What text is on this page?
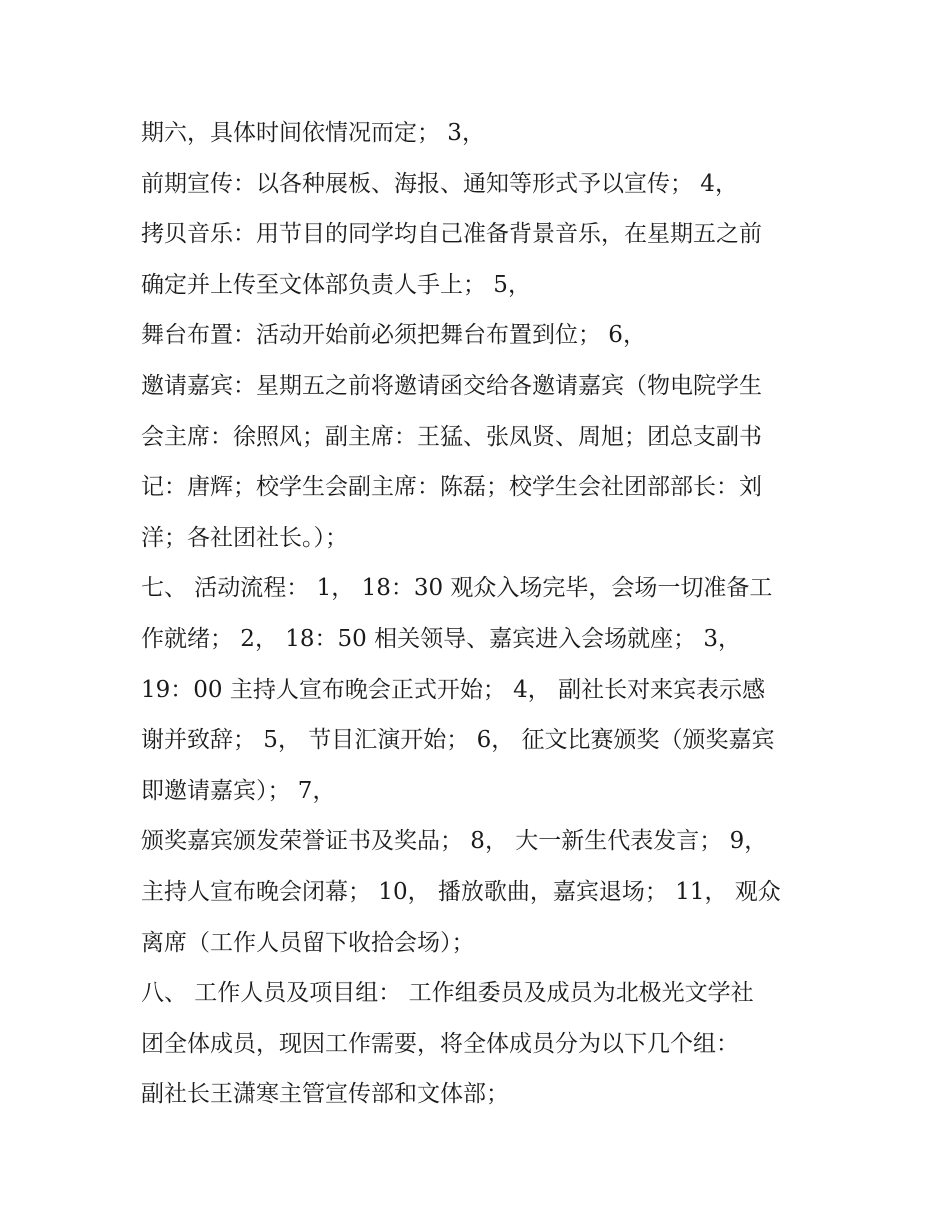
期六，具体时间依情况而定； 3，
前期宣传：以各种展板、海报、通知等形式予以宣传； 4，
拷贝音乐：用节目的同学均自己准备背景音乐，在星期五之前
确定并上传至文体部负责人手上； 5，
舞台布置：活动开始前必须把舞台布置到位； 6，
邀请嘉宾：星期五之前将邀请函交给各邀请嘉宾（物电院学生
会主席：徐照风；副主席：王猛、张凤贤、周旭；团总支副书
记：唐辉；校学生会副主席：陈磊；校学生会社团部部长：刘
洋；各社团社长。）；
七、 活动流程： 1， 18：30 观众入场完毕，会场一切准备工
作就绪； 2， 18：50 相关领导、嘉宾进入会场就座； 3，
19：00 主持人宣布晚会正式开始； 4， 副社长对来宾表示感
谢并致辞； 5， 节目汇演开始； 6， 征文比赛颁奖（颁奖嘉宾
即邀请嘉宾）； 7，
颁奖嘉宾颁发荣誉证书及奖品； 8， 大一新生代表发言； 9，
主持人宣布晚会闭幕； 10， 播放歌曲，嘉宾退场； 11， 观众
离席（工作人员留下收拾会场）；
八、 工作人员及项目组： 工作组委员及成员为北极光文学社
团全体成员，现因工作需要，将全体成员分为以下几个组：
副社长王潇寒主管宣传部和文体部；
